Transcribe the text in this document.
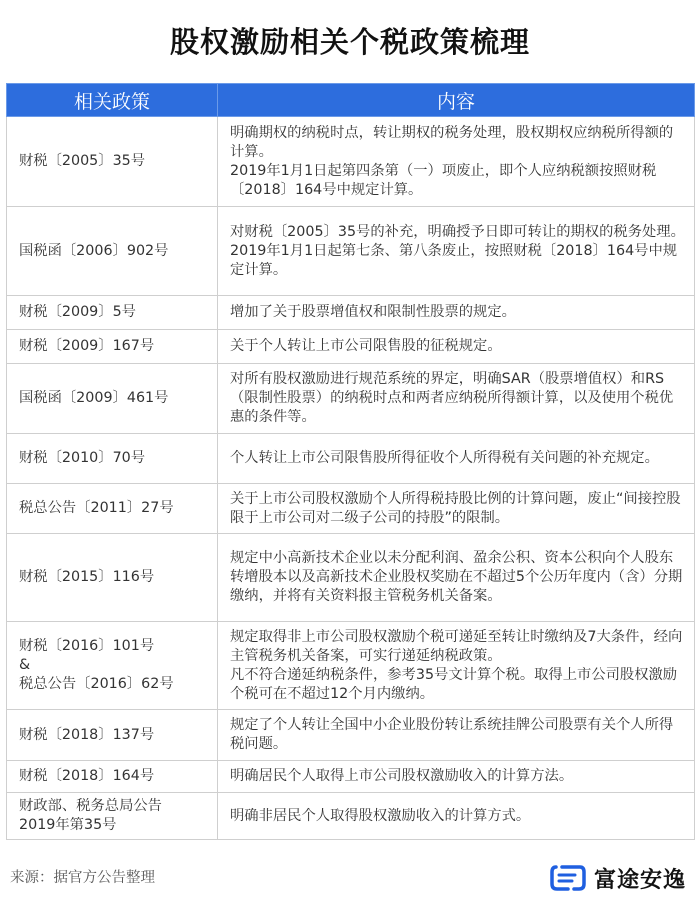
股权激励相关个税政策梳理
相关政策	内容
财税〔2005〕35号	明确期权的纳税时点，转让期权的税务处理，股权期权应纳税所得额的计算。
2019年1月1日起第四条第（一）项废止，即个人应纳税额按照财税〔2018〕164号中规定计算。
国税函〔2006〕902号	对财税〔2005〕35号的补充，明确授予日即可转让的期权的税务处理。
2019年1月1日起第七条、第八条废止，按照财税〔2018〕164号中规定计算。
财税〔2009〕5号	增加了关于股票增值权和限制性股票的规定。
财税〔2009〕167号	关于个人转让上市公司限售股的征税规定。
国税函〔2009〕461号	对所有股权激励进行规范系统的界定，明确SAR（股票增值权）和RS（限制性股票）的纳税时点和两者应纳税所得额计算，以及使用个税优惠的条件等。
财税〔2010〕70号	个人转让上市公司限售股所得征收个人所得税有关问题的补充规定。
税总公告〔2011〕27号	关于上市公司股权激励个人所得税持股比例的计算问题，废止“间接控股限于上市公司对二级子公司的持股”的限制。
财税〔2015〕116号	规定中小高新技术企业以未分配利润、盈余公积、资本公积向个人股东转增股本以及高新技术企业股权奖励在不超过5个公历年度内（含）分期缴纳，并将有关资料报主管税务机关备案。
财税〔2016〕101号
&
税总公告〔2016〕62号	规定取得非上市公司股权激励个税可递延至转让时缴纳及7大条件，经向主管税务机关备案，可实行递延纳税政策。
凡不符合递延纳税条件，参考35号文计算个税。取得上市公司股权激励个税可在不超过12个月内缴纳。
财税〔2018〕137号	规定了个人转让全国中小企业股份转让系统挂牌公司股票有关个人所得税问题。
财税〔2018〕164号	明确居民个人取得上市公司股权激励收入的计算方法。
财政部、税务总局公告
2019年第35号	明确非居民个人取得股权激励收入的计算方式。
来源：据官方公告整理	富途安逸
